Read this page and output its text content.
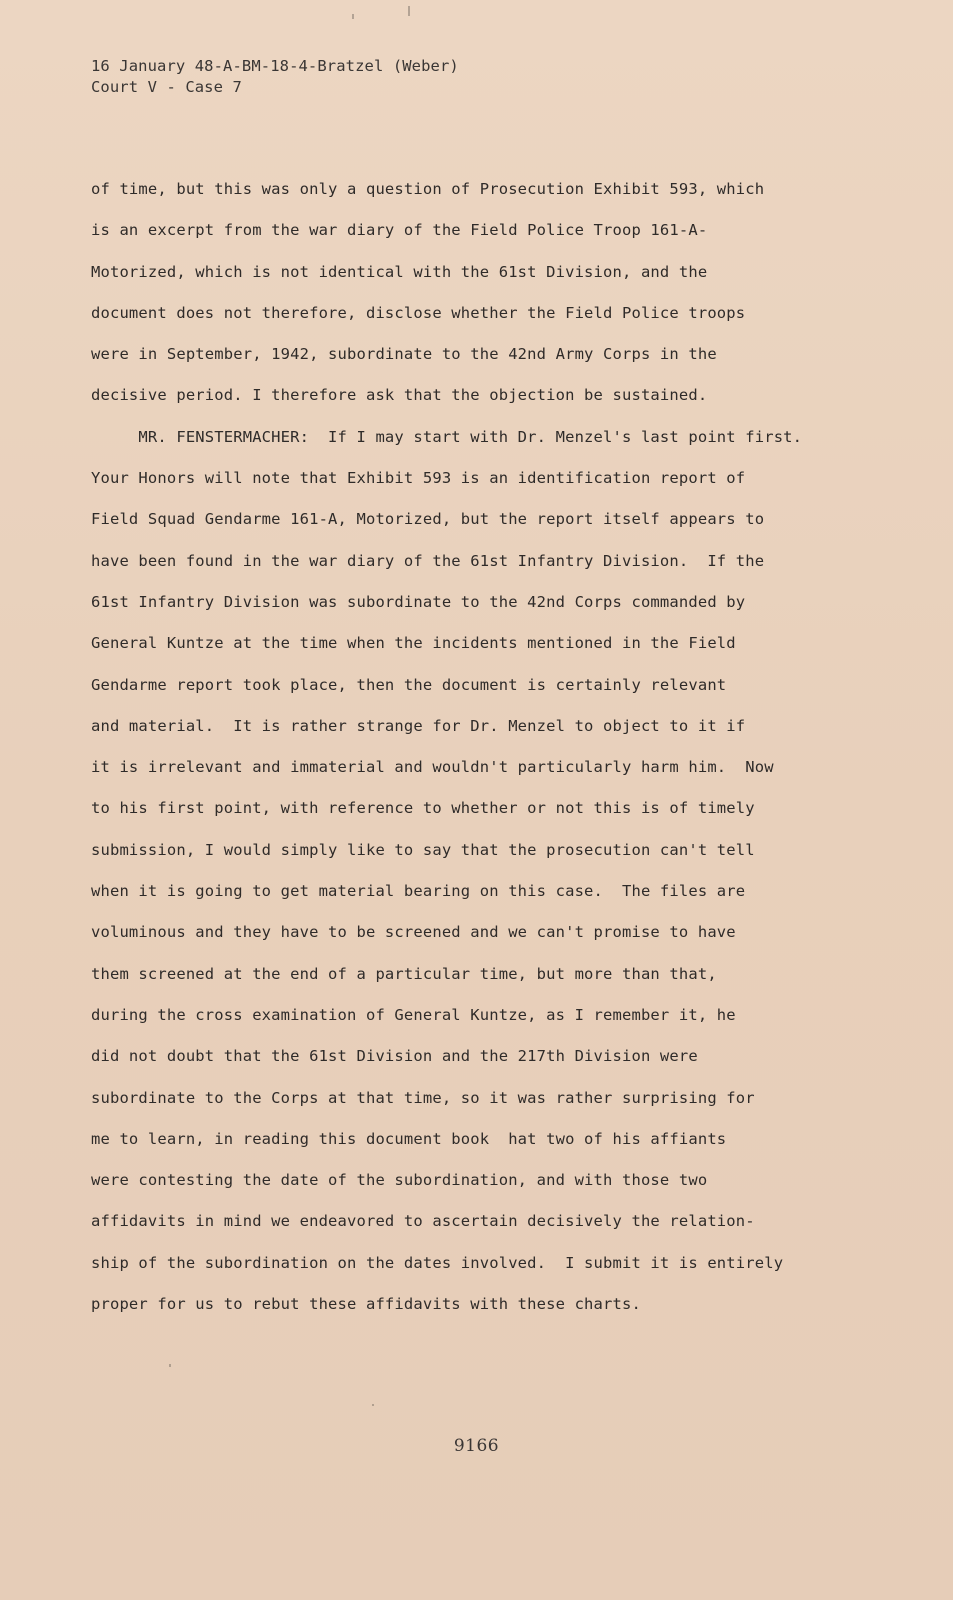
16 January 48-A-BM-18-4-Bratzel (Weber)
Court V - Case 7
of time, but this was only a question of Prosecution Exhibit 593, which
is an excerpt from the war diary of the Field Police Troop 161-A-
Motorized, which is not identical with the 61st Division, and the
document does not therefore, disclose whether the Field Police troops
were in September, 1942, subordinate to the 42nd Army Corps in the
decisive period. I therefore ask that the objection be sustained.
MR. FENSTERMACHER:  If I may start with Dr. Menzel's last point first.
Your Honors will note that Exhibit 593 is an identification report of
Field Squad Gendarme 161-A, Motorized, but the report itself appears to
have been found in the war diary of the 61st Infantry Division.  If the
61st Infantry Division was subordinate to the 42nd Corps commanded by
General Kuntze at the time when the incidents mentioned in the Field
Gendarme report took place, then the document is certainly relevant
and material.  It is rather strange for Dr. Menzel to object to it if
it is irrelevant and immaterial and wouldn't particularly harm him.  Now
to his first point, with reference to whether or not this is of timely
submission, I would simply like to say that the prosecution can't tell
when it is going to get material bearing on this case.  The files are
voluminous and they have to be screened and we can't promise to have
them screened at the end of a particular time, but more than that,
during the cross examination of General Kuntze, as I remember it, he
did not doubt that the 61st Division and the 217th Division were
subordinate to the Corps at that time, so it was rather surprising for
me to learn, in reading this document book  hat two of his affiants
were contesting the date of the subordination, and with those two
affidavits in mind we endeavored to ascertain decisively the relation-
ship of the subordination on the dates involved.  I submit it is entirely
proper for us to rebut these affidavits with these charts.
9166
